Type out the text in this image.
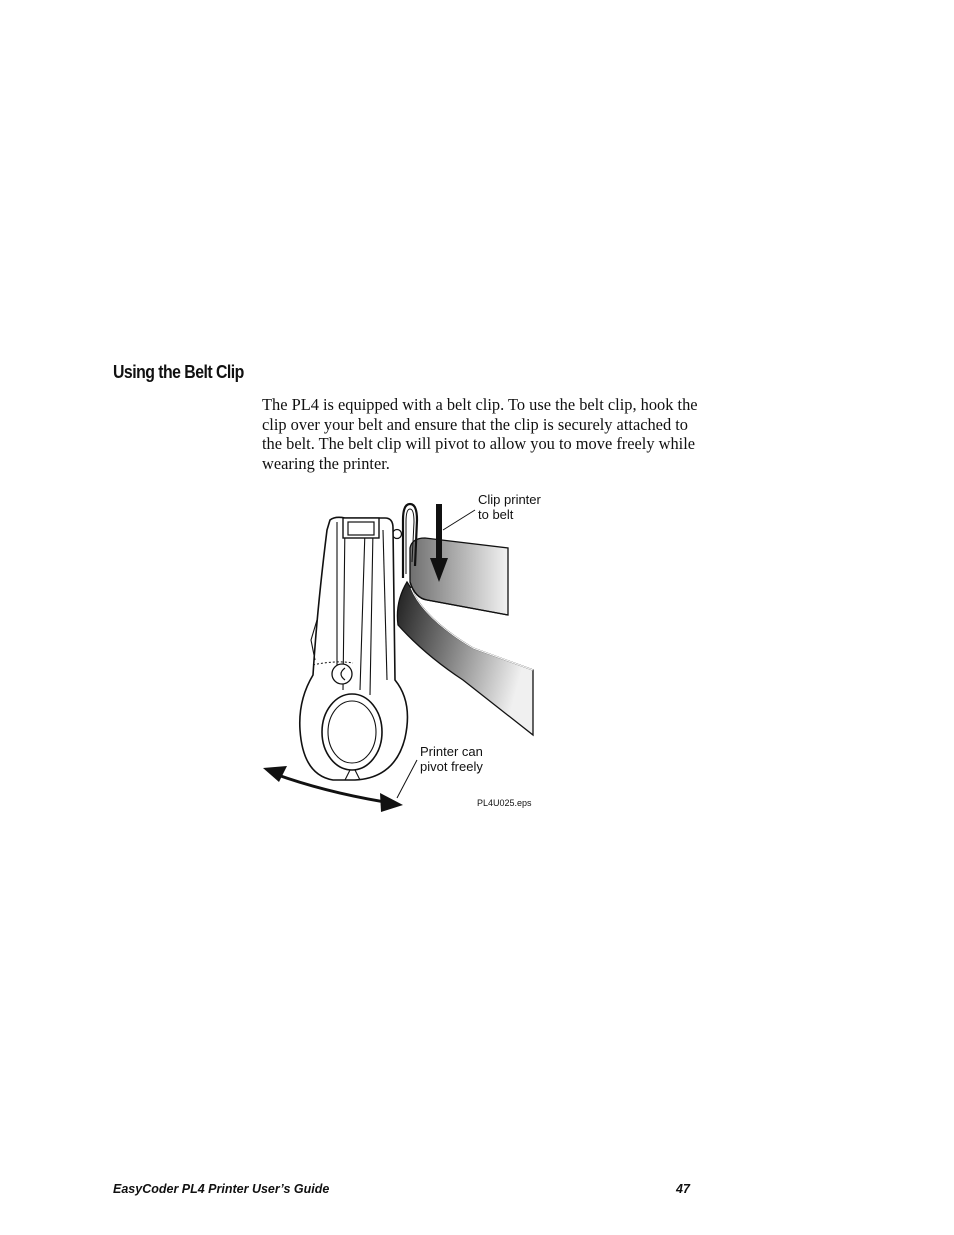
Using the Belt Clip

The PL4 is equipped with a belt clip. To use the belt clip, hook the clip over your belt and ensure that the clip is securely attached to the belt. The belt clip will pivot to allow you to move freely while wearing the printer.

Clip printer
to belt
Printer can
pivot freely
PL4U025.eps
EasyCoder PL4 Printer User’s Guide	47
